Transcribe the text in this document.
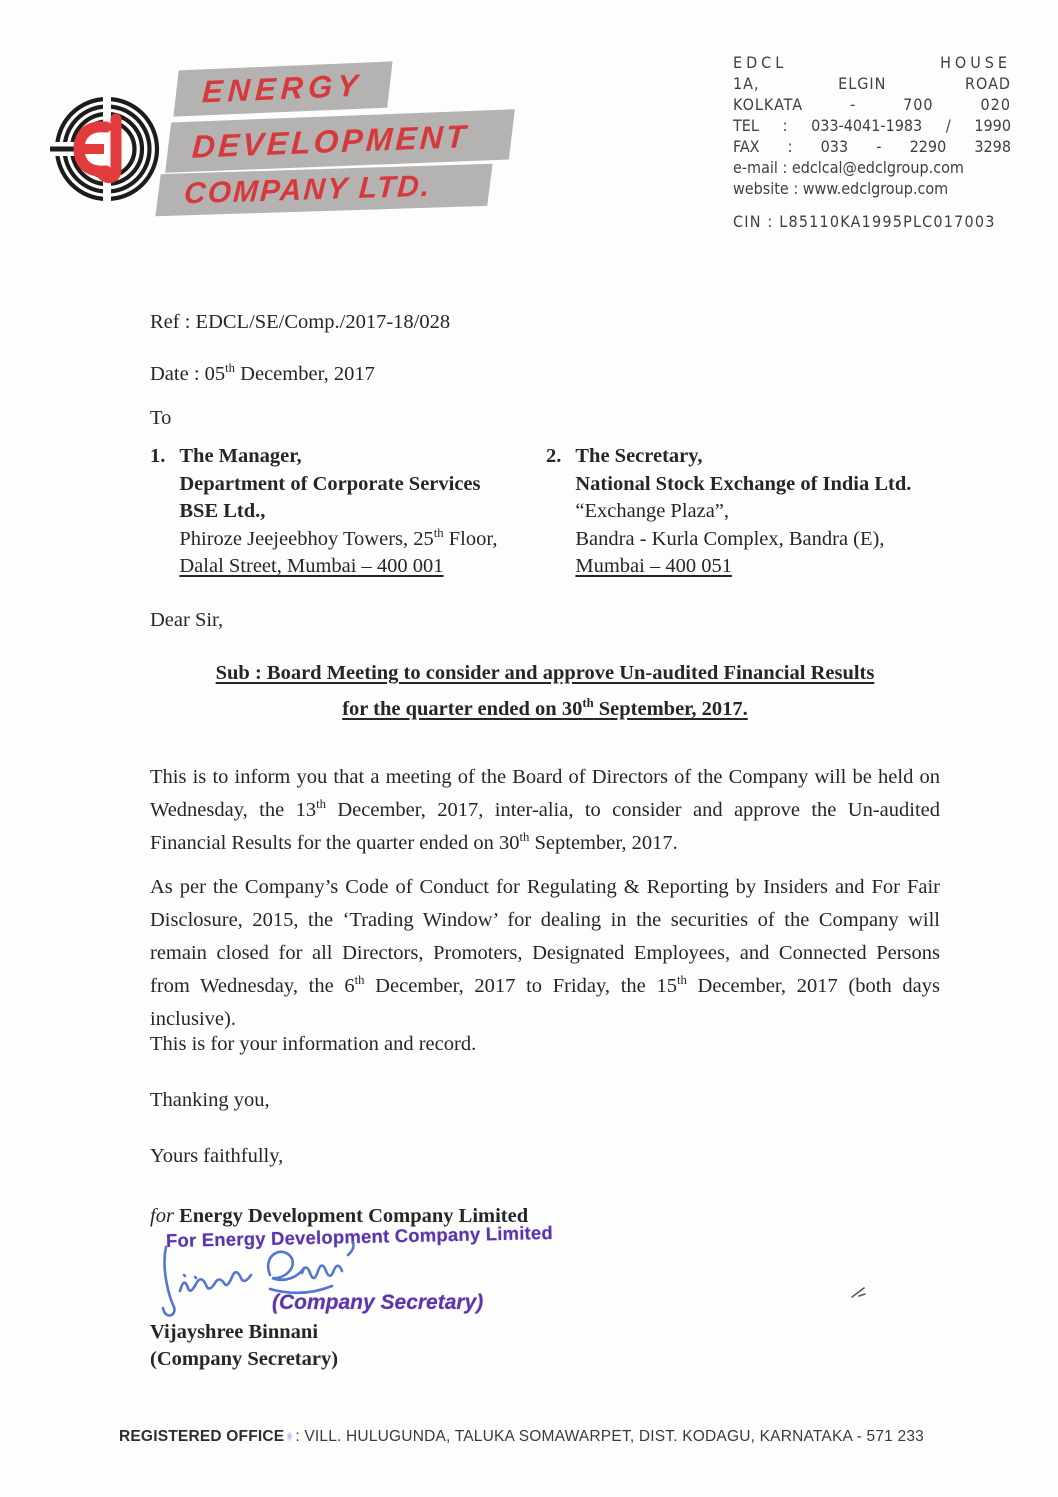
ENERGY
DEVELOPMENT
COMPANY LTD.
EDCL HOUSE
1A, ELGIN ROAD
KOLKATA - 700 020
TEL : 033-4041-1983 / 1990
FAX : 033 - 2290 3298
e-mail : edclcal@edclgroup.com
website : www.edclgroup.com
CIN : L85110KA1995PLC017003
Ref : EDCL/SE/Comp./2017-18/028
Date : 05th December, 2017
To
1. The Manager,
Department of Corporate Services
BSE Ltd.,
Phiroze Jeejeebhoy Towers, 25th Floor,
Dalal Street, Mumbai – 400 001
2. The Secretary,
National Stock Exchange of India Ltd.
“Exchange Plaza”,
Bandra - Kurla Complex, Bandra (E),
Mumbai – 400 051
Dear Sir,
Sub : Board Meeting to consider and approve Un-audited Financial Results
for the quarter ended on 30th September, 2017.
This is to inform you that a meeting of the Board of Directors of the Company will be held on Wednesday, the 13th December, 2017, inter-alia, to consider and approve the Un-audited Financial Results for the quarter ended on 30th September, 2017.
As per the Company’s Code of Conduct for Regulating & Reporting by Insiders and For Fair Disclosure, 2015, the ‘Trading Window’ for dealing in the securities of the Company will remain closed for all Directors, Promoters, Designated Employees, and Connected Persons from Wednesday, the 6th December, 2017 to Friday, the 15th December, 2017 (both days inclusive).
This is for your information and record.
Thanking you,
Yours faithfully,
for Energy Development Company Limited
For Energy Development Company Limited
(Company Secretary)
Vijayshree Binnani
(Company Secretary)
REGISTERED OFFICE : VILL. HULUGUNDA, TALUKA SOMAWARPET, DIST. KODAGU, KARNATAKA - 571 233
